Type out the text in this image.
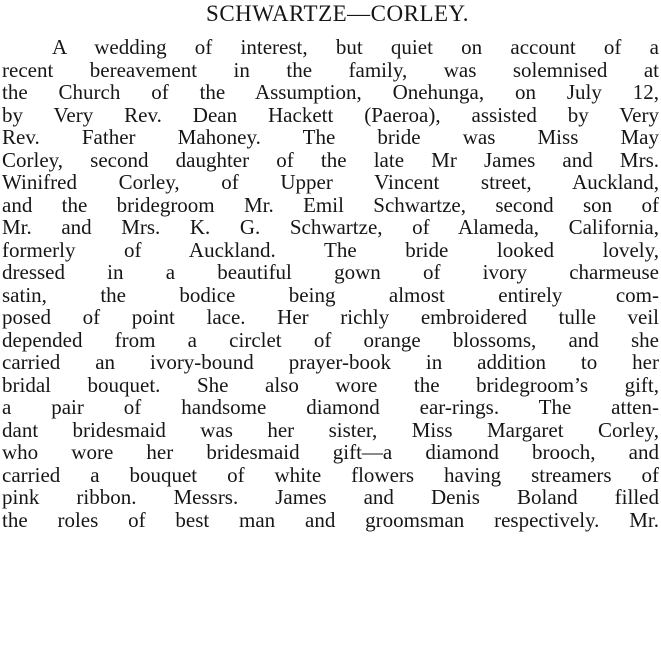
SCHWARTZE—CORLEY.
A wedding of interest, but quiet on account of a
recent bereavement in the family, was solemnised at
the Church of the Assumption, Onehunga, on July 12,
by Very Rev. Dean Hackett (Paeroa), assisted by Very
Rev. Father Mahoney. The bride was Miss May
Corley, second daughter of the late Mr James and Mrs.
Winifred Corley, of Upper Vincent street, Auckland,
and the bridegroom Mr. Emil Schwartze, second son of
Mr. and Mrs. K. G. Schwartze, of Alameda, California,
formerly of Auckland. The bride looked lovely,
dressed in a beautiful gown of ivory charmeuse
satin, the bodice being almost entirely com-
posed of point lace. Her richly embroidered tulle veil
depended from a circlet of orange blossoms, and she
carried an ivory-bound prayer-book in addition to her
bridal bouquet. She also wore the bridegroom’s gift,
a pair of handsome diamond ear-rings. The atten-
dant bridesmaid was her sister, Miss Margaret Corley,
who wore her bridesmaid gift—a diamond brooch, and
carried a bouquet of white flowers having streamers of
pink ribbon. Messrs. James and Denis Boland filled
the roles of best man and groomsman respectively. Mr.
